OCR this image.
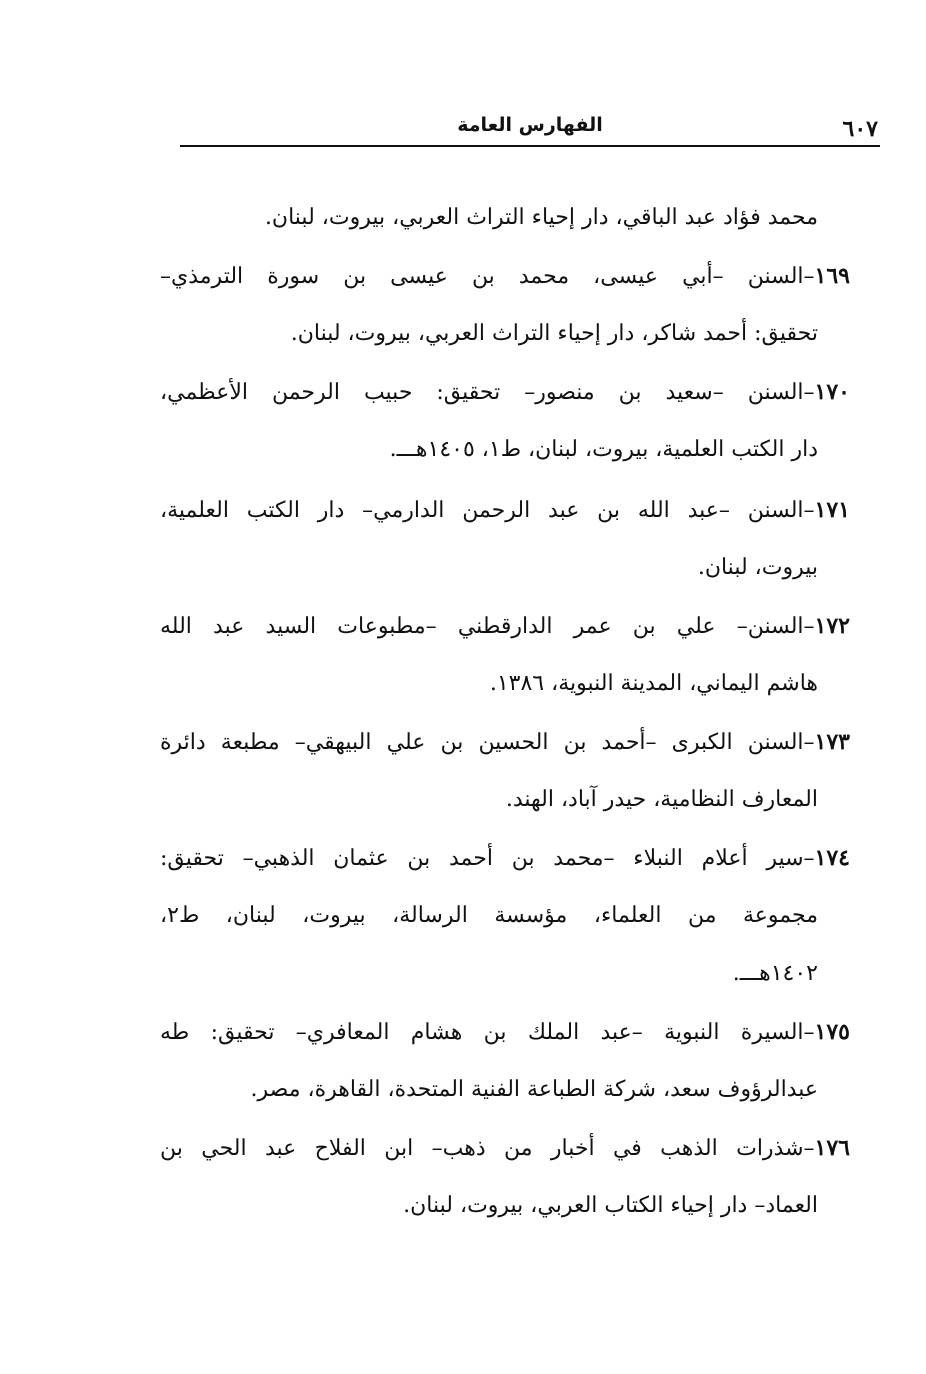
٦٠٧
الفهارس العامة
محمد فؤاد عبد الباقي، دار إحياء التراث العربي، بيروت، لبنان.
١٦٩–السنن –أبي عيسى، محمد بن عيسى بن سورة الترمذي–
تحقيق: أحمد شاكر، دار إحياء التراث العربي، بيروت، لبنان.
١٧٠–السنن –سعيد بن منصور– تحقيق: حبيب الرحمن الأعظمي،
دار الكتب العلمية، بيروت، لبنان، ط١، ١٤٠٥هـــ.
١٧١–السنن –عبد الله بن عبد الرحمن الدارمي– دار الكتب العلمية،
بيروت، لبنان.
١٧٢–السنن– علي بن عمر الدارقطني –مطبوعات السيد عبد الله
هاشم اليماني، المدينة النبوية، ١٣٨٦.
١٧٣–السنن الكبرى –أحمد بن الحسين بن علي البيهقي– مطبعة دائرة
المعارف النظامية، حيدر آباد، الهند.
١٧٤–سير أعلام النبلاء –محمد بن أحمد بن عثمان الذهبي– تحقيق:
مجموعة من العلماء، مؤسسة الرسالة، بيروت، لبنان، ط٢،
١٤٠٢هـــ.
١٧٥–السيرة النبوية –عبد الملك بن هشام المعافري– تحقيق: طه
عبدالرؤوف سعد، شركة الطباعة الفنية المتحدة، القاهرة، مصر.
١٧٦–شذرات الذهب في أخبار من ذهب– ابن الفلاح عبد الحي بن
العماد– دار إحياء الكتاب العربي، بيروت، لبنان.
